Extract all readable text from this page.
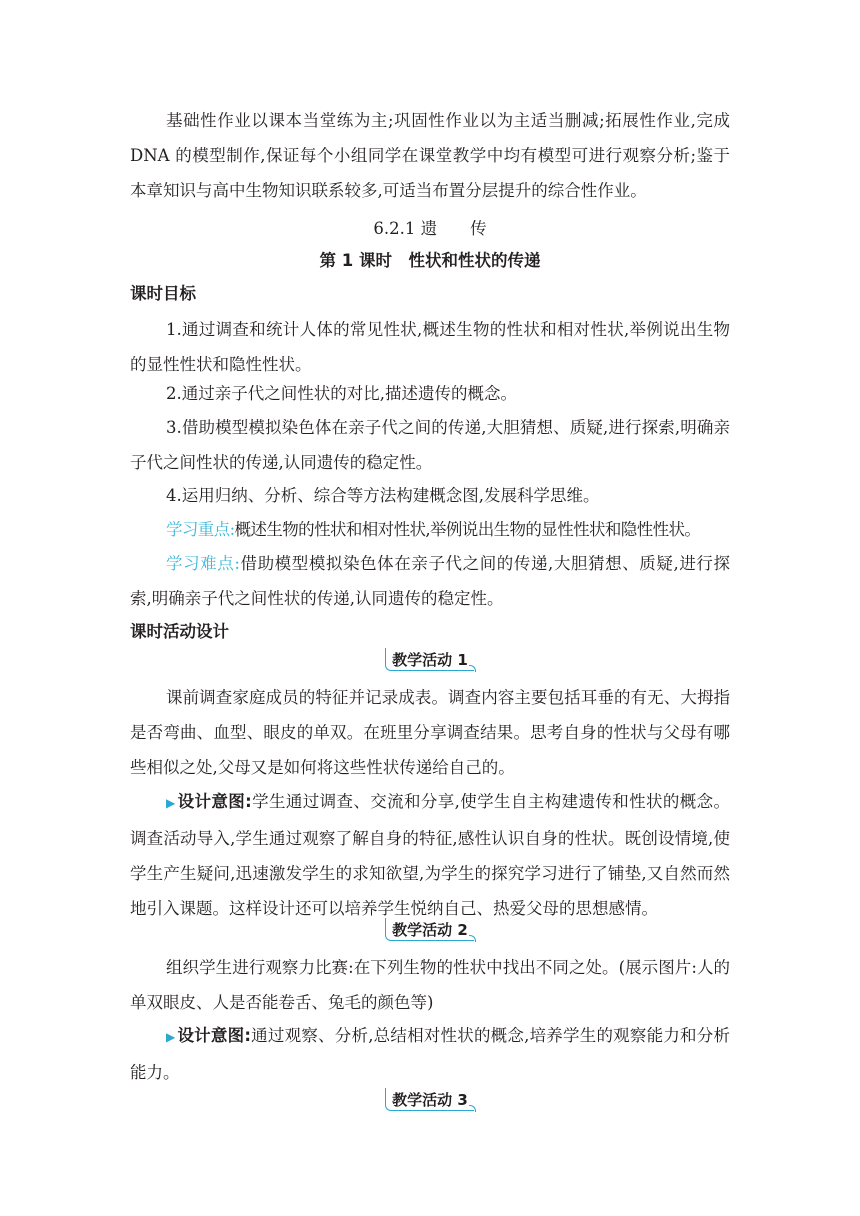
基础性作业以课本当堂练为主;巩固性作业以为主适当删减;拓展性作业,完成 DNA 的模型制作,保证每个小组同学在课堂教学中均有模型可进行观察分析;鉴于本章知识与高中生物知识联系较多,可适当布置分层提升的综合性作业。

6.2.1 遗　　传

第 1 课时　性状和性状的传递

课时目标

1.通过调查和统计人体的常见性状,概述生物的性状和相对性状,举例说出生物的显性性状和隐性性状。

2.通过亲子代之间性状的对比,描述遗传的概念。

3.借助模型模拟染色体在亲子代之间的传递,大胆猜想、质疑,进行探索,明确亲子代之间性状的传递,认同遗传的稳定性。

4.运用归纳、分析、综合等方法构建概念图,发展科学思维。

学习重点:概述生物的性状和相对性状,举例说出生物的显性性状和隐性性状。

学习难点:借助模型模拟染色体在亲子代之间的传递,大胆猜想、质疑,进行探索,明确亲子代之间性状的传递,认同遗传的稳定性。

课时活动设计

教学活动 1

课前调查家庭成员的特征并记录成表。调查内容主要包括耳垂的有无、大拇指是否弯曲、血型、眼皮的单双。在班里分享调查结果。思考自身的性状与父母有哪些相似之处,父母又是如何将这些性状传递给自己的。

▶ 设计意图:学生通过调查、交流和分享,使学生自主构建遗传和性状的概念。调查活动导入,学生通过观察了解自身的特征,感性认识自身的性状。既创设情境,使学生产生疑问,迅速激发学生的求知欲望,为学生的探究学习进行了铺垫,又自然而然地引入课题。这样设计还可以培养学生悦纳自己、热爱父母的思想感情。

教学活动 2

组织学生进行观察力比赛:在下列生物的性状中找出不同之处。(展示图片:人的单双眼皮、人是否能卷舌、兔毛的颜色等)

▶ 设计意图:通过观察、分析,总结相对性状的概念,培养学生的观察能力和分析能力。

教学活动 3
